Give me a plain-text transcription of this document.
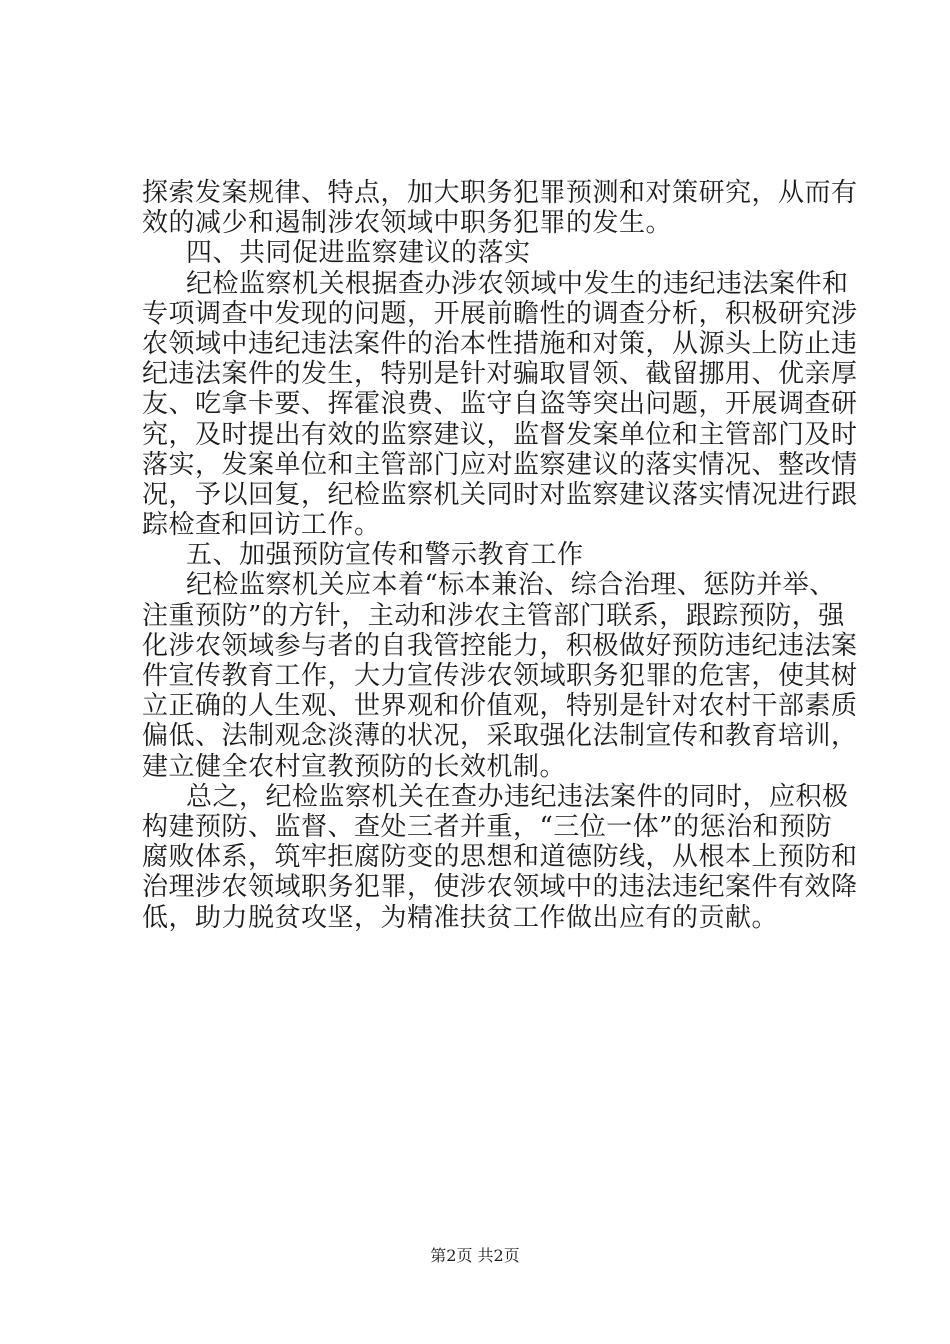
探索发案规律、特点，加大职务犯罪预测和对策研究，从而有
效的减少和遏制涉农领域中职务犯罪的发生。
四、共同促进监察建议的落实
纪检监察机关根据查办涉农领域中发生的违纪违法案件和
专项调查中发现的问题，开展前瞻性的调查分析，积极研究涉
农领域中违纪违法案件的治本性措施和对策，从源头上防止违
纪违法案件的发生，特别是针对骗取冒领、截留挪用、优亲厚
友、吃拿卡要、挥霍浪费、监守自盗等突出问题，开展调查研
究，及时提出有效的监察建议，监督发案单位和主管部门及时
落实，发案单位和主管部门应对监察建议的落实情况、整改情
况，予以回复，纪检监察机关同时对监察建议落实情况进行跟
踪检查和回访工作。
五、加强预防宣传和警示教育工作
纪检监察机关应本着“标本兼治、综合治理、惩防并举、
注重预防”的方针，主动和涉农主管部门联系，跟踪预防，强
化涉农领域参与者的自我管控能力，积极做好预防违纪违法案
件宣传教育工作，大力宣传涉农领域职务犯罪的危害，使其树
立正确的人生观、世界观和价值观，特别是针对农村干部素质
偏低、法制观念淡薄的状况，采取强化法制宣传和教育培训，
建立健全农村宣教预防的长效机制。
总之，纪检监察机关在查办违纪违法案件的同时，应积极
构建预防、监督、查处三者并重，“三位一体”的惩治和预防
腐败体系，筑牢拒腐防变的思想和道德防线，从根本上预防和
治理涉农领域职务犯罪，使涉农领域中的违法违纪案件有效降
低，助力脱贫攻坚，为精准扶贫工作做出应有的贡献。
第2页 共2页
